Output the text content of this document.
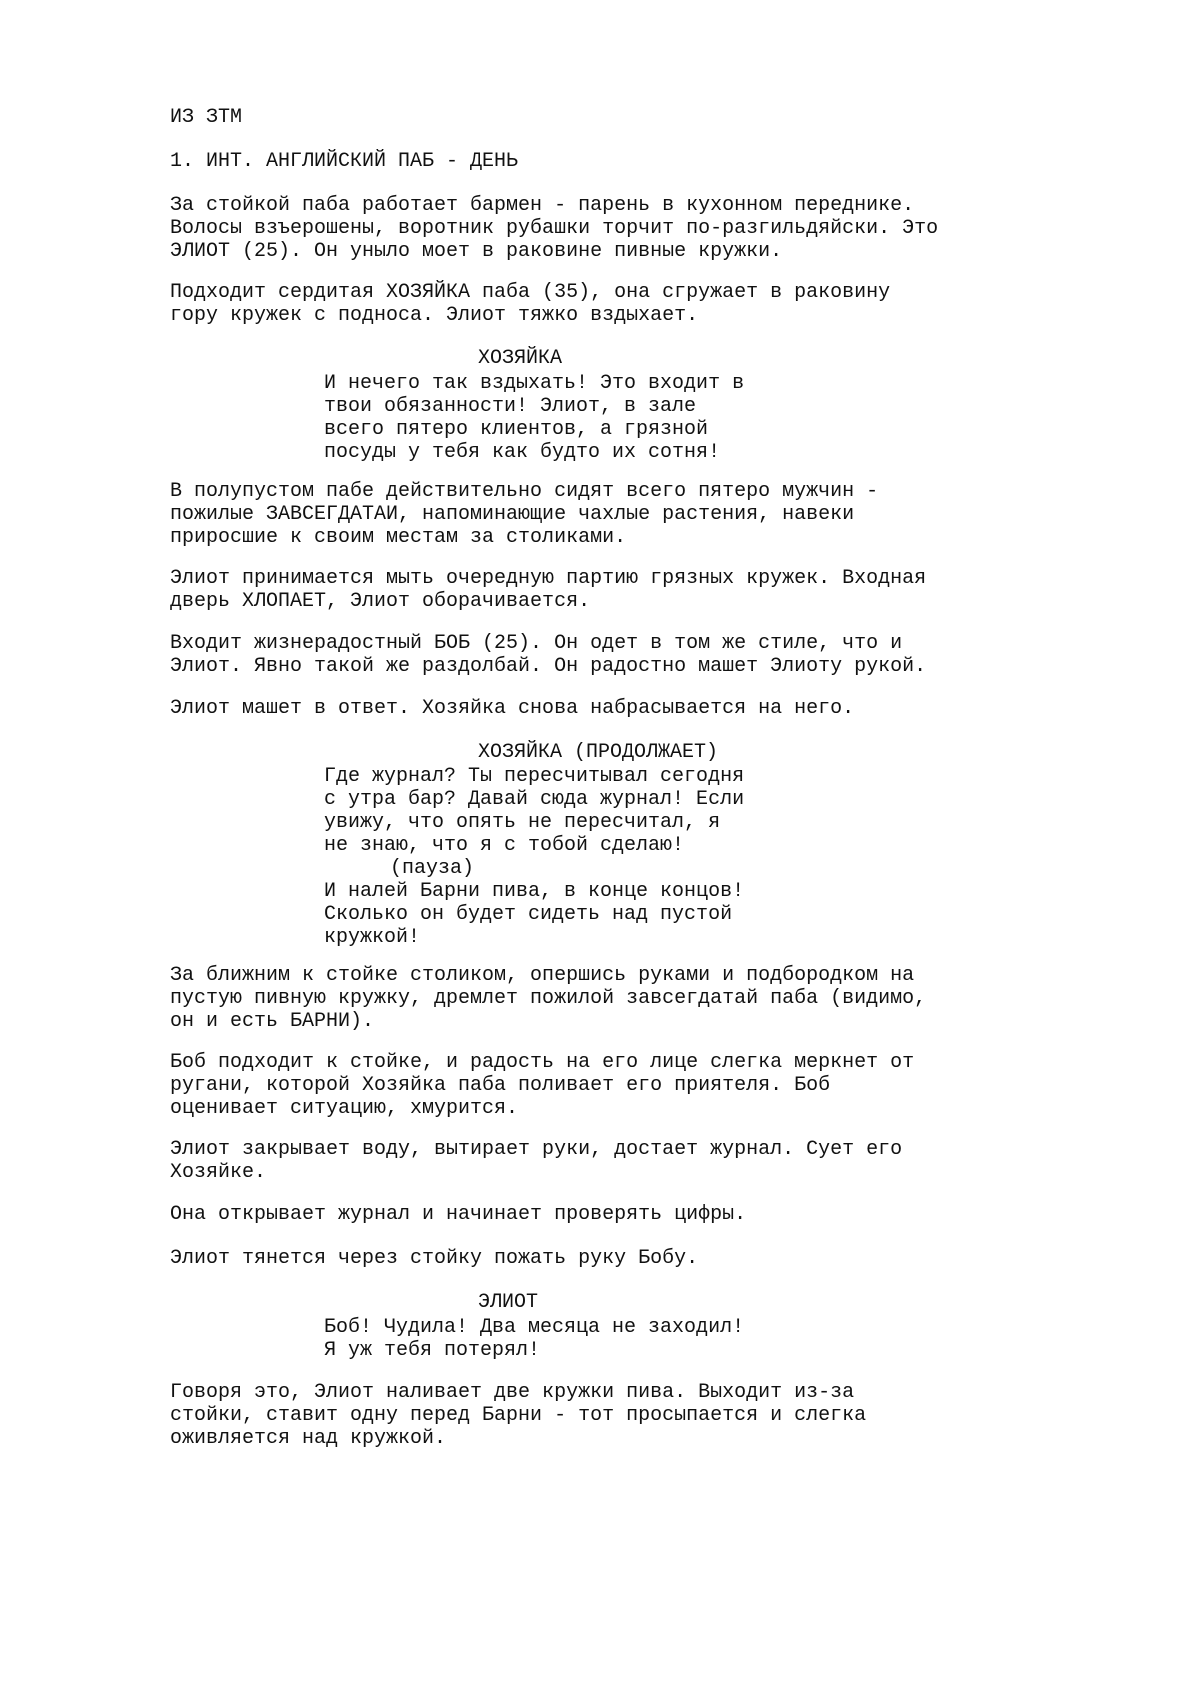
ИЗ ЗТМ

1. ИНТ. АНГЛИЙСКИЙ ПАБ - ДЕНЬ

За стойкой паба работает бармен - парень в кухонном переднике.
Волосы взъерошены, воротник рубашки торчит по-разгильдяйски. Это
ЭЛИОТ (25). Он уныло моет в раковине пивные кружки.

Подходит сердитая ХОЗЯЙКА паба (35), она сгружает в раковину
гору кружек с подноса. Элиот тяжко вздыхает.

ХОЗЯЙКА

И нечего так вздыхать! Это входит в
твои обязанности! Элиот, в зале
всего пятеро клиентов, а грязной
посуды у тебя как будто их сотня!

В полупустом пабе действительно сидят всего пятеро мужчин -
пожилые ЗАВСЕГДАТАИ, напоминающие чахлые растения, навеки
приросшие к своим местам за столиками.

Элиот принимается мыть очередную партию грязных кружек. Входная
дверь ХЛОПАЕТ, Элиот оборачивается.

Входит жизнерадостный БОБ (25). Он одет в том же стиле, что и
Элиот. Явно такой же раздолбай. Он радостно машет Элиоту рукой.

Элиот машет в ответ. Хозяйка снова набрасывается на него.

ХОЗЯЙКА (ПРОДОЛЖАЕТ)

Где журнал? Ты пересчитывал сегодня
с утра бар? Давай сюда журнал! Если
увижу, что опять не пересчитал, я
не знаю, что я с тобой сделаю!

(пауза)

И налей Барни пива, в конце концов!
Сколько он будет сидеть над пустой
кружкой!

За ближним к стойке столиком, опершись руками и подбородком на
пустую пивную кружку, дремлет пожилой завсегдатай паба (видимо,
он и есть БАРНИ).

Боб подходит к стойке, и радость на его лице слегка меркнет от
ругани, которой Хозяйка паба поливает его приятеля. Боб
оценивает ситуацию, хмурится.

Элиот закрывает воду, вытирает руки, достает журнал. Сует его
Хозяйке.

Она открывает журнал и начинает проверять цифры.

Элиот тянется через стойку пожать руку Бобу.

ЭЛИОТ

Боб! Чудила! Два месяца не заходил!
Я уж тебя потерял!

Говоря это, Элиот наливает две кружки пива. Выходит из-за
стойки, ставит одну перед Барни - тот просыпается и слегка
оживляется над кружкой.
